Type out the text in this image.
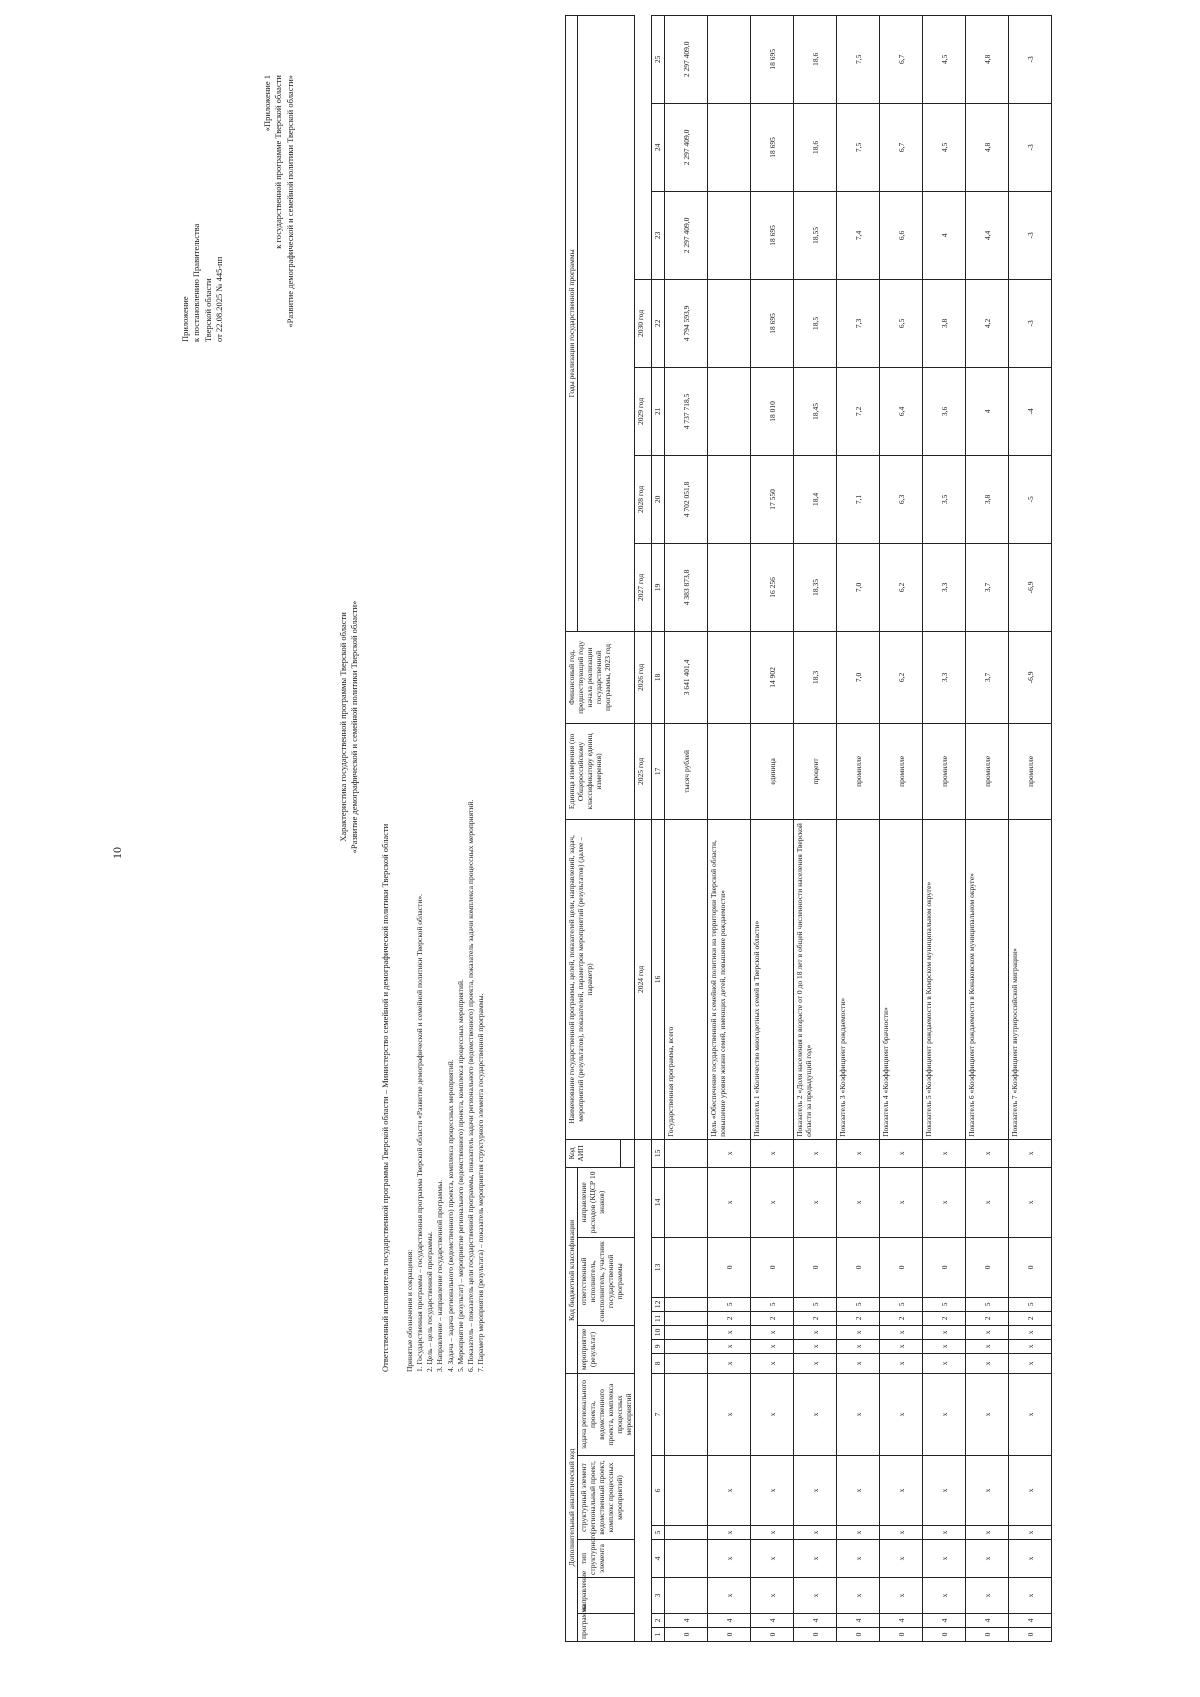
10
Приложение к постановлению Правительства Тверской области от 22.08.2025 № 445-пп
«Приложение 1 к государственной программе Тверской области «Развитие демографической и семейной политики Тверской области»
Характеристика государственной программы Тверской области «Развитие демографической и семейной политики Тверской области»
Ответственный исполнитель государственной программы Тверской области – Министерство семейной и демографической политики Тверской области Принятые обозначения и сокращения: 1. Государственная программа – государственная программа Тверской области «Развитие демографической и семейной политики Тверской области». 2. Цель – цель государственной программы. 3. Направление – направление государственной программы. 4. Задача – задача регионального (ведомственного) проекта, комплекса процессных мероприятий. 5. Мероприятие (результат) – мероприятие регионального (ведомственного) проекта, комплекса процессных мероприятий. 6. Показатель – показатель цели государственной программы, показатель задачи регионального (ведомственного) проекта, показатель задачи комплекса процессных мероприятий. 7. Параметр мероприятия (результата) – показатель мероприятия структурного элемента государственной программы.
Дополнительный аналитический код							Код бюджетной классификации							Код АИП	Наименование государственной программы, целей, показателей цели, направлений, задач, мероприятий (результатов), показателей, параметров мероприятий (результатов) (далее – параметр)	Единица измерения (по Общероссийскому классификатору единиц измерения)	Финансовый год, предшествующий году начала реализации государственной программы, 2023 год	Годы реализации государственной программы						
программа		направление	тип структурного элемента	структурный элемент (региональный проект, ведомственный проект, комплекс процессных мероприятий)		задача регионального проекта, ведомственного проекта, комплекса процессных мероприятий	мероприятие (результат)			ответственный исполнитель, соисполнитель, участник государственной программы			направление расходов (КЦСР 10 знаков)											

															2024 год	2025 год	2026 год	2027 год	2028 год	2029 год	2030 год			
1	2	3	4	5	6	7	8	9	10	11	12	13	14	15	16	17	18	19	20	21	22	23	24	25
0	4														Государственная программа, всего	тысяч рублей	3 641 401,4	4 383 873,8	4 702 051,8	4 737 718,5	4 794 593,9	2 297 409,0	2 297 409,0	2 297 409,0
0	4	х	х	х	х	х	х	х	х	2	5	0	х	х	Цель «Обеспечение государственной и семейной политики на территории Тверской области, повышение уровня жизни семей, имеющих детей, повышение рождаемости»									
0	4	х	х	х	х	х	х	х	х	2	5	0	х	х	Показатель 1 «Количество многодетных семей в Тверской области»	единица	14 902	16 256	17 550	18 010	18 695	18 695	18 695	18 695
0	4	х	х	х	х	х	х	х	х	2	5	0	х	х	Показатель 2 «Доля населения в возрасте от 0 до 18 лет в общей численности населения Тверской области за предыдущий год»	процент	18,3	18,35	18,4	18,45	18,5	18,55	18,6	18,6
0	4	х	х	х	х	х	х	х	х	2	5	0	х	х	Показатель 3 «Коэффициент рождаемости»	промилле	7,0	7,0	7,1	7,2	7,3	7,4	7,5	7,5
0	4	х	х	х	х	х	х	х	х	2	5	0	х	х	Показатель 4 «Коэффициент брачности»	промилле	6,2	6,2	6,3	6,4	6,5	6,6	6,7	6,7
0	4	х	х	х	х	х	х	х	х	2	5	0	х	х	Показатель 5 «Коэффициент рождаемости в Кимрском муниципальном округе»	промилле	3,3	3,3	3,5	3,6	3,8	4	4,5	4,5
0	4	х	х	х	х	х	х	х	х	2	5	0	х	х	Показатель 6 «Коэффициент рождаемости в Конаковском муниципальном округе»	промилле	3,7	3,7	3,8	4	4,2	4,4	4,8	4,8
0	4	х	х	х	х	х	х	х	х	2	5	0	х	х	Показатель 7 «Коэффициент внутрироссийской миграции»	промилле	-6,9	-6,9	-5	-4	-3	-3	-3	-3
